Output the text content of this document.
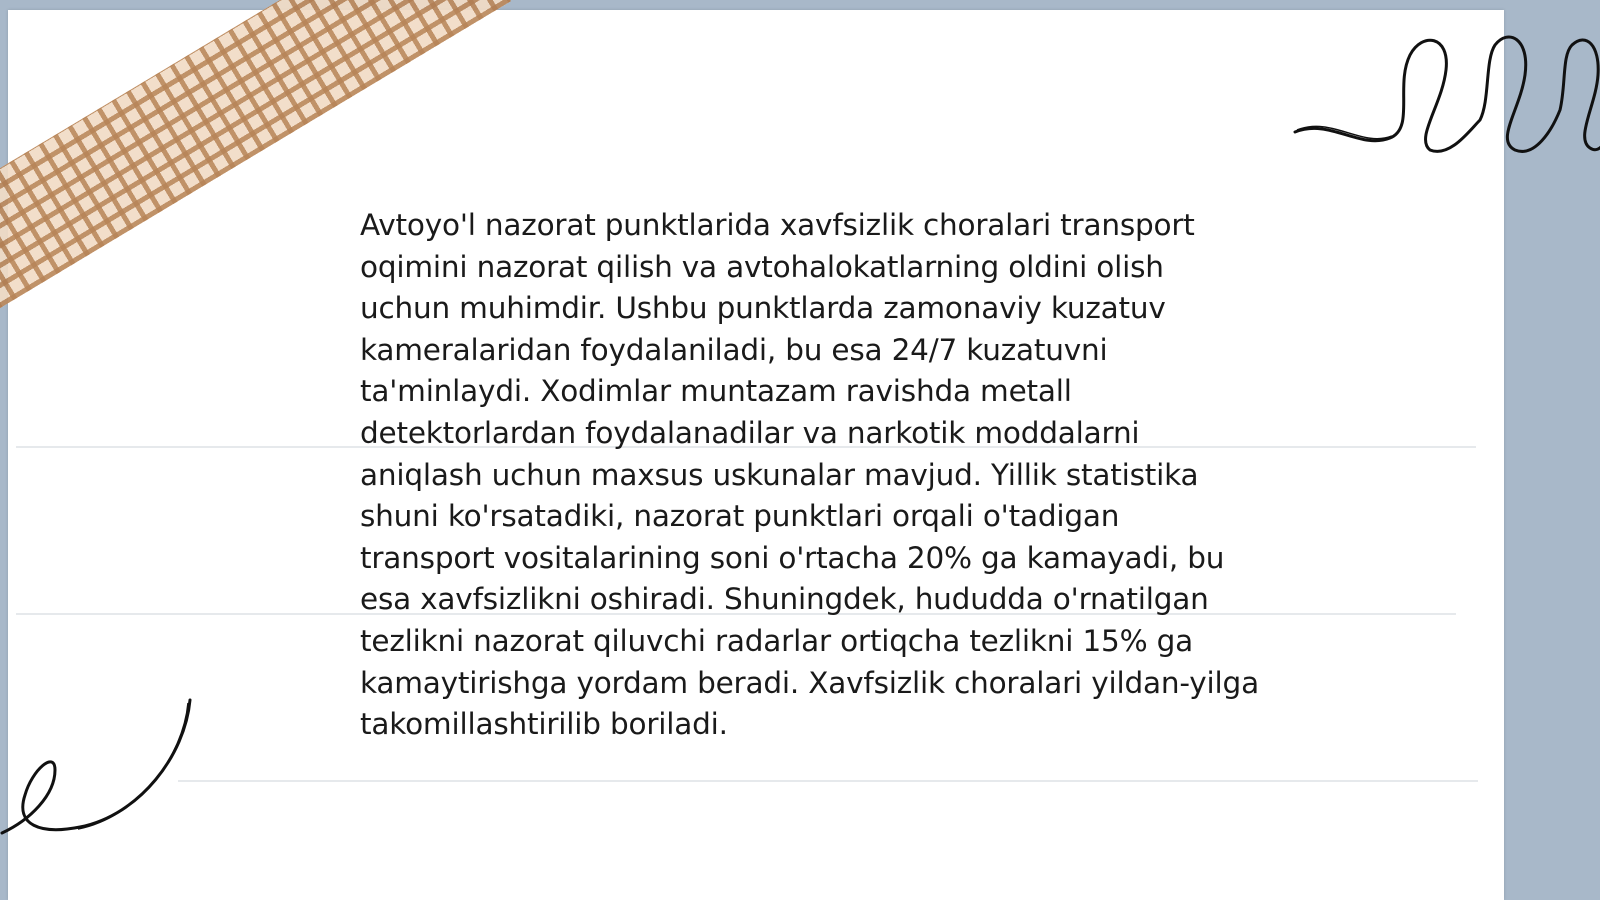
Avtoyo'l nazorat punktlarida xavfsizlik choralari transport oqimini nazorat qilish va avtohalokatlarning oldini olish uchun muhimdir. Ushbu punktlarda zamonaviy kuzatuv kameralaridan foydalaniladi, bu esa 24/7 kuzatuvni ta'minlaydi. Xodimlar muntazam ravishda metall detektorlardan foydalanadilar va narkotik moddalarni aniqlash uchun maxsus uskunalar mavjud. Yillik statistika shuni ko'rsatadiki, nazorat punktlari orqali o'tadigan transport vositalarining soni o'rtacha 20% ga kamayadi, bu esa xavfsizlikni oshiradi. Shuningdek, hududda o'rnatilgan tezlikni nazorat qiluvchi radarlar ortiqcha tezlikni 15% ga kamaytirishga yordam beradi. Xavfsizlik choralari yildan-yilga takomillashtirilib boriladi.
